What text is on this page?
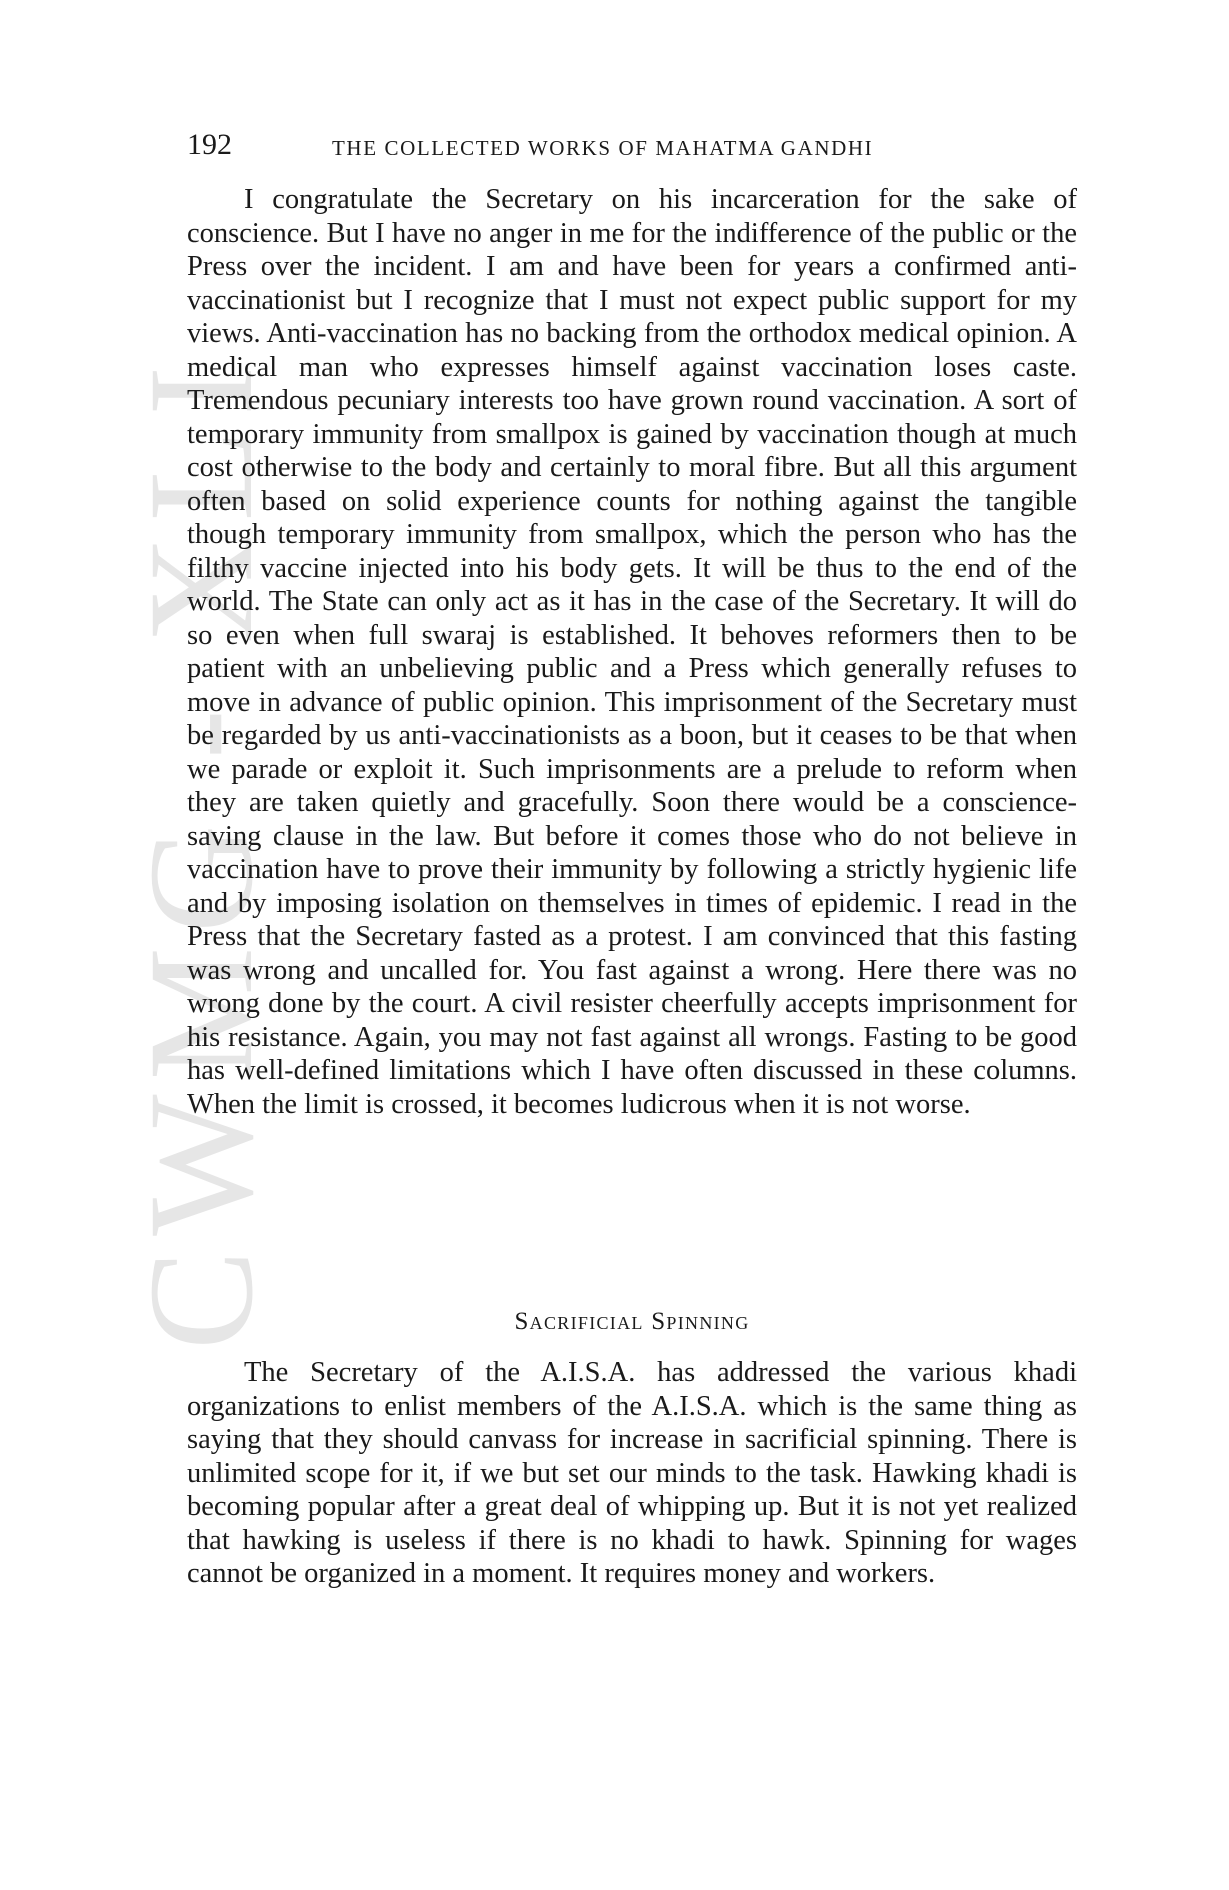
CWMG - XLI
192	THE COLLECTED WORKS OF MAHATMA GANDHI

I congratulate the Secretary on his incarceration for the sake of conscience. But I have no anger in me for the indifference of the public or the Press over the incident. I am and have been for years a confirmed anti-vaccinationist but I recognize that I must not expect public support for my views. Anti-vaccination has no backing from the orthodox medical opinion. A medical man who expresses himself against vaccination loses caste. Tremendous pecuniary interests too have grown round vaccination. A sort of temporary immunity from smallpox is gained by vaccination though at much cost otherwise to the body and certainly to moral fibre. But all this argument often based on solid experience counts for nothing against the tangible though temporary immunity from smallpox, which the person who has the filthy vaccine injected into his body gets. It will be thus to the end of the world. The State can only act as it has in the case of the Secretary. It will do so even when full swaraj is established. It behoves reformers then to be patient with an unbelieving public and a Press which generally refuses to move in advance of public opinion. This imprisonment of the Secretary must be regarded by us anti-vaccinationists as a boon, but it ceases to be that when we parade or exploit it. Such imprisonments are a prelude to reform when they are taken quietly and gracefully. Soon there would be a conscience-saving clause in the law. But before it comes those who do not believe in vaccination have to prove their immunity by following a strictly hygienic life and by imposing isolation on themselves in times of epidemic. I read in the Press that the Secretary fasted as a protest. I am convinced that this fasting was wrong and uncalled for. You fast against a wrong. Here there was no wrong done by the court. A civil resister cheerfully accepts imprisonment for his resistance. Again, you may not fast against all wrongs. Fasting to be good has well-defined limitations which I have often discussed in these columns. When the limit is crossed, it becomes ludicrous when it is not worse.

Sacrificial Spinning

The Secretary of the A.I.S.A. has addressed the various khadi organizations to enlist members of the A.I.S.A. which is the same thing as saying that they should canvass for increase in sacrificial spinning. There is unlimited scope for it, if we but set our minds to the task. Hawking khadi is becoming popular after a great deal of whipping up. But it is not yet realized that hawking is useless if there is no khadi to hawk. Spinning for wages cannot be organized in a moment. It requires money and workers.
